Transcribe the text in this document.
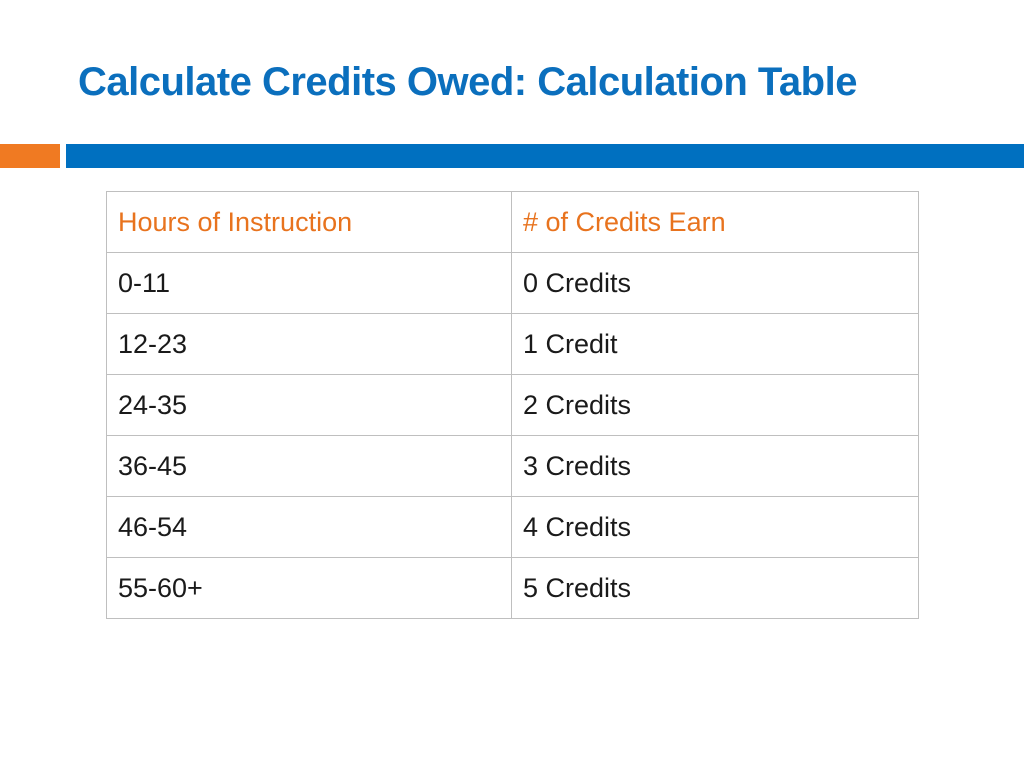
Calculate Credits Owed: Calculation Table
Hours of Instruction	# of Credits Earn
0-11	0 Credits
12-23	1 Credit
24-35	2 Credits
36-45	3 Credits
46-54	4 Credits
55-60+	5 Credits
